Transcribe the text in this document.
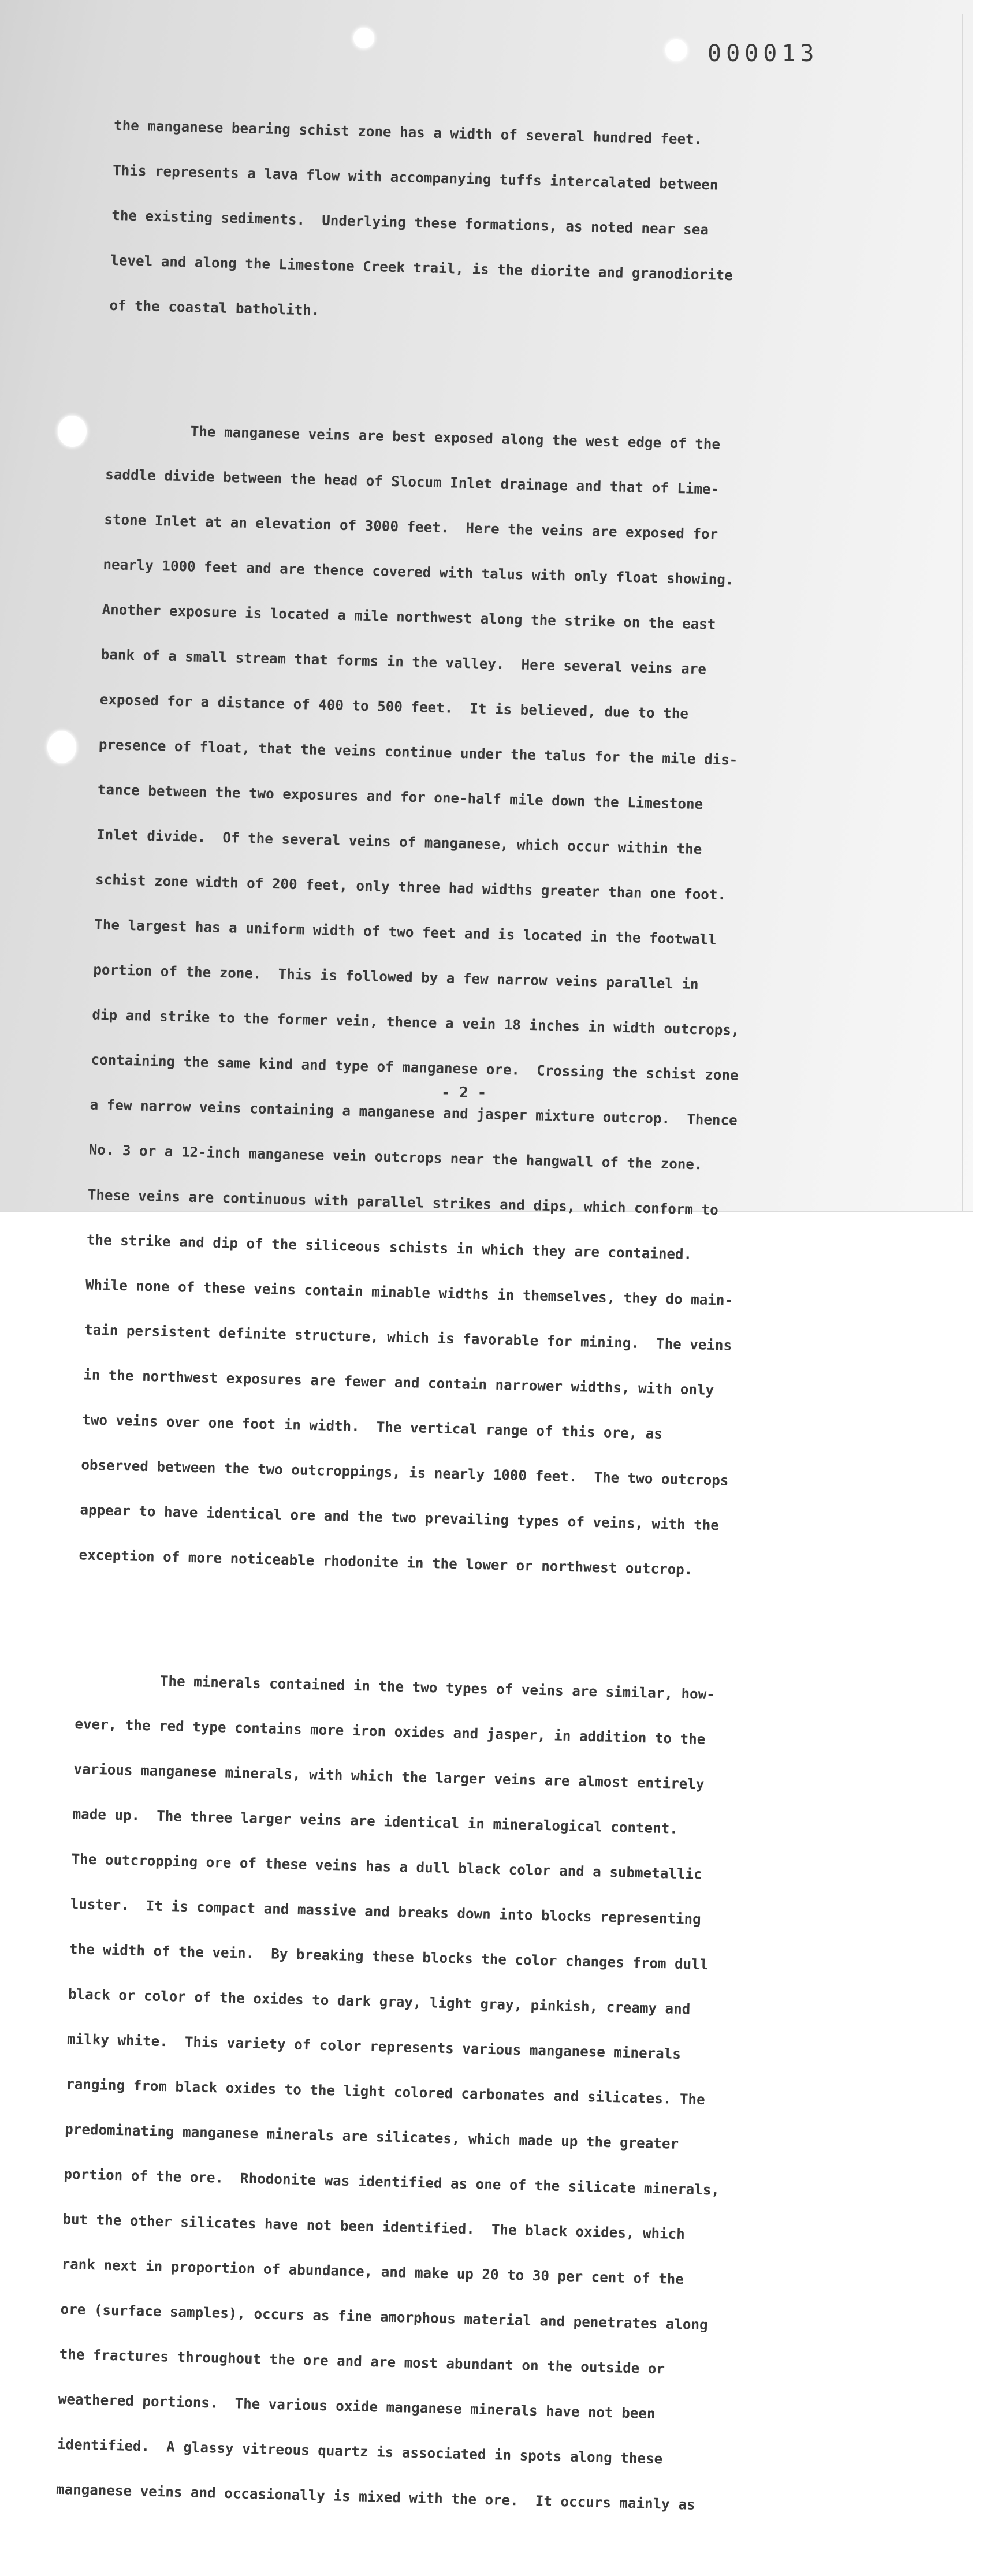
000013

the manganese bearing schist zone has a width of several hundred feet.

This represents a lava flow with accompanying tuffs intercalated between

the existing sediments.  Underlying these formations, as noted near sea

level and along the Limestone Creek trail, is the diorite and granodiorite

of the coastal batholith.

The manganese veins are best exposed along the west edge of the

saddle divide between the head of Slocum Inlet drainage and that of Lime-

stone Inlet at an elevation of 3000 feet.  Here the veins are exposed for

nearly 1000 feet and are thence covered with talus with only float showing.

Another exposure is located a mile northwest along the strike on the east

bank of a small stream that forms in the valley.  Here several veins are

exposed for a distance of 400 to 500 feet.  It is believed, due to the

presence of float, that the veins continue under the talus for the mile dis-

tance between the two exposures and for one-half mile down the Limestone

Inlet divide.  Of the several veins of manganese, which occur within the

schist zone width of 200 feet, only three had widths greater than one foot.

The largest has a uniform width of two feet and is located in the footwall

portion of the zone.  This is followed by a few narrow veins parallel in

dip and strike to the former vein, thence a vein 18 inches in width outcrops,

containing the same kind and type of manganese ore.  Crossing the schist zone

a few narrow veins containing a manganese and jasper mixture outcrop.  Thence

No. 3 or a 12-inch manganese vein outcrops near the hangwall of the zone.

These veins are continuous with parallel strikes and dips, which conform to

the strike and dip of the siliceous schists in which they are contained.

While none of these veins contain minable widths in themselves, they do main-

tain persistent definite structure, which is favorable for mining.  The veins

in the northwest exposures are fewer and contain narrower widths, with only

two veins over one foot in width.  The vertical range of this ore, as

observed between the two outcroppings, is nearly 1000 feet.  The two outcrops

appear to have identical ore and the two prevailing types of veins, with the

exception of more noticeable rhodonite in the lower or northwest outcrop.

The minerals contained in the two types of veins are similar, how-

ever, the red type contains more iron oxides and jasper, in addition to the

various manganese minerals, with which the larger veins are almost entirely

made up.  The three larger veins are identical in mineralogical content.

The outcropping ore of these veins has a dull black color and a submetallic

luster.  It is compact and massive and breaks down into blocks representing

the width of the vein.  By breaking these blocks the color changes from dull

black or color of the oxides to dark gray, light gray, pinkish, creamy and

milky white.  This variety of color represents various manganese minerals

ranging from black oxides to the light colored carbonates and silicates. The

predominating manganese minerals are silicates, which made up the greater

portion of the ore.  Rhodonite was identified as one of the silicate minerals,

but the other silicates have not been identified.  The black oxides, which

rank next in proportion of abundance, and make up 20 to 30 per cent of the

ore (surface samples), occurs as fine amorphous material and penetrates along

the fractures throughout the ore and are most abundant on the outside or

weathered portions.  The various oxide manganese minerals have not been

identified.  A glassy vitreous quartz is associated in spots along these

manganese veins and occasionally is mixed with the ore.  It occurs mainly as

- 2 -
